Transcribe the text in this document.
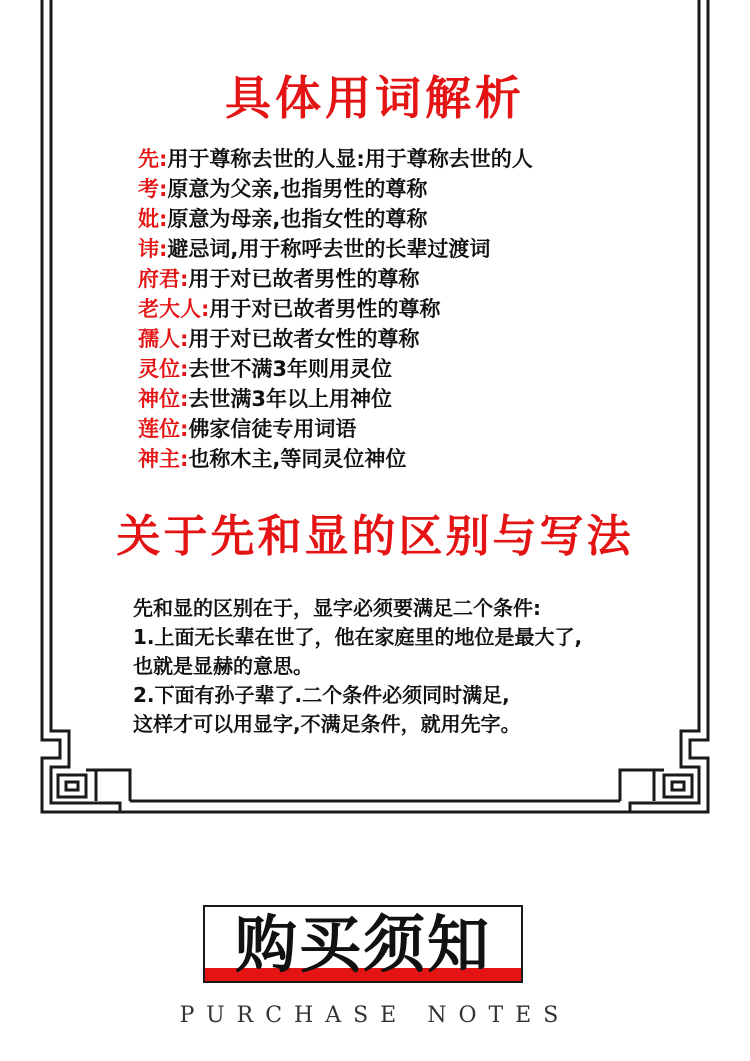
具体用词解析
先:用于尊称去世的人显:用于尊称去世的人
考:原意为父亲,也指男性的尊称
妣:原意为母亲,也指女性的尊称
讳:避忌词,用于称呼去世的长辈过渡词
府君:用于对已故者男性的尊称
老大人:用于对已故者男性的尊称
孺人:用于对已故者女性的尊称
灵位:去世不满3年则用灵位
神位:去世满3年以上用神位
莲位:佛家信徒专用词语
神主:也称木主,等同灵位神位
关于先和显的区别与写法
先和显的区别在于，显字必须要满足二个条件:
1.上面无长辈在世了，他在家庭里的地位是最大了,
也就是显赫的意思。
2.下面有孙子辈了.二个条件必须同时满足,
这样才可以用显字,不满足条件，就用先字。
购买须知
PURCHASE NOTES
